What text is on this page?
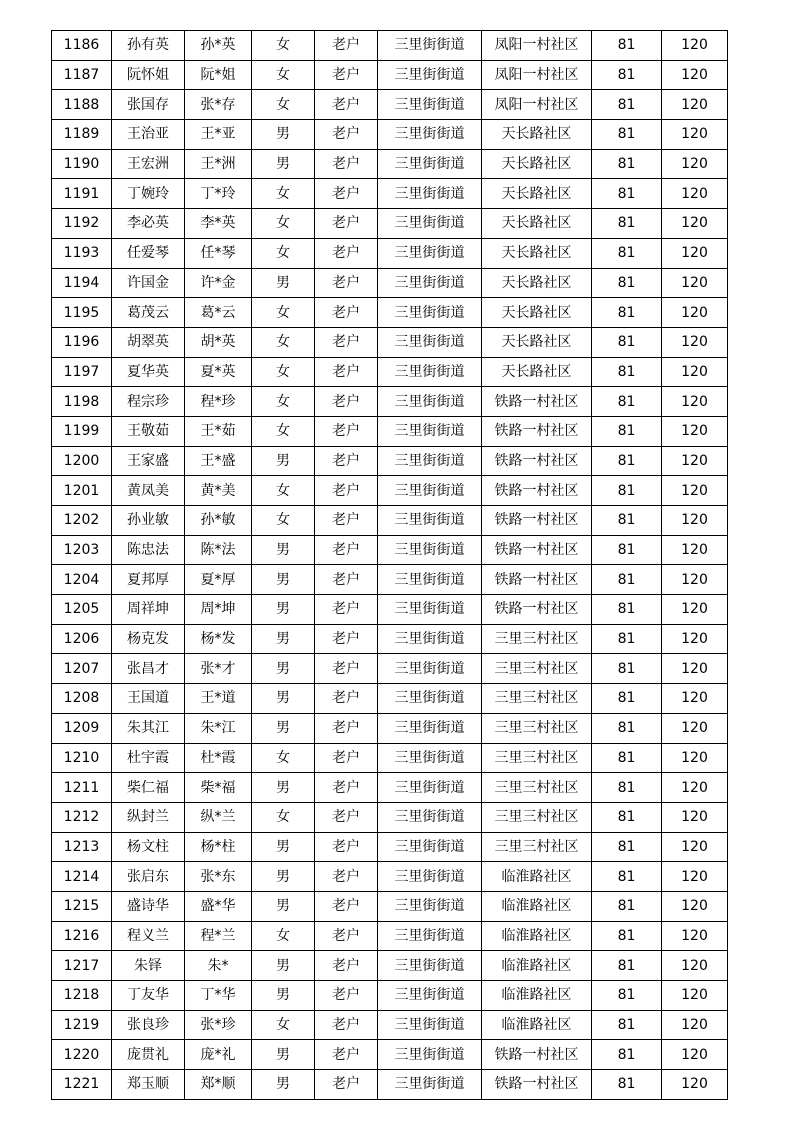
1186	孙有英	孙*英	女	老户	三里街街道	凤阳一村社区	81	120
1187	阮怀姐	阮*姐	女	老户	三里街街道	凤阳一村社区	81	120
1188	张国存	张*存	女	老户	三里街街道	凤阳一村社区	81	120
1189	王治亚	王*亚	男	老户	三里街街道	天长路社区	81	120
1190	王宏洲	王*洲	男	老户	三里街街道	天长路社区	81	120
1191	丁婉玲	丁*玲	女	老户	三里街街道	天长路社区	81	120
1192	李必英	李*英	女	老户	三里街街道	天长路社区	81	120
1193	任爱琴	任*琴	女	老户	三里街街道	天长路社区	81	120
1194	许国金	许*金	男	老户	三里街街道	天长路社区	81	120
1195	葛茂云	葛*云	女	老户	三里街街道	天长路社区	81	120
1196	胡翠英	胡*英	女	老户	三里街街道	天长路社区	81	120
1197	夏华英	夏*英	女	老户	三里街街道	天长路社区	81	120
1198	程宗珍	程*珍	女	老户	三里街街道	铁路一村社区	81	120
1199	王敬茹	王*茹	女	老户	三里街街道	铁路一村社区	81	120
1200	王家盛	王*盛	男	老户	三里街街道	铁路一村社区	81	120
1201	黄凤美	黄*美	女	老户	三里街街道	铁路一村社区	81	120
1202	孙业敏	孙*敏	女	老户	三里街街道	铁路一村社区	81	120
1203	陈忠法	陈*法	男	老户	三里街街道	铁路一村社区	81	120
1204	夏邦厚	夏*厚	男	老户	三里街街道	铁路一村社区	81	120
1205	周祥坤	周*坤	男	老户	三里街街道	铁路一村社区	81	120
1206	杨克发	杨*发	男	老户	三里街街道	三里三村社区	81	120
1207	张昌才	张*才	男	老户	三里街街道	三里三村社区	81	120
1208	王国道	王*道	男	老户	三里街街道	三里三村社区	81	120
1209	朱其江	朱*江	男	老户	三里街街道	三里三村社区	81	120
1210	杜宇霞	杜*霞	女	老户	三里街街道	三里三村社区	81	120
1211	柴仁福	柴*福	男	老户	三里街街道	三里三村社区	81	120
1212	纵封兰	纵*兰	女	老户	三里街街道	三里三村社区	81	120
1213	杨文柱	杨*柱	男	老户	三里街街道	三里三村社区	81	120
1214	张启东	张*东	男	老户	三里街街道	临淮路社区	81	120
1215	盛诗华	盛*华	男	老户	三里街街道	临淮路社区	81	120
1216	程义兰	程*兰	女	老户	三里街街道	临淮路社区	81	120
1217	朱铎	朱*	男	老户	三里街街道	临淮路社区	81	120
1218	丁友华	丁*华	男	老户	三里街街道	临淮路社区	81	120
1219	张良珍	张*珍	女	老户	三里街街道	临淮路社区	81	120
1220	庞贯礼	庞*礼	男	老户	三里街街道	铁路一村社区	81	120
1221	郑玉顺	郑*顺	男	老户	三里街街道	铁路一村社区	81	120
